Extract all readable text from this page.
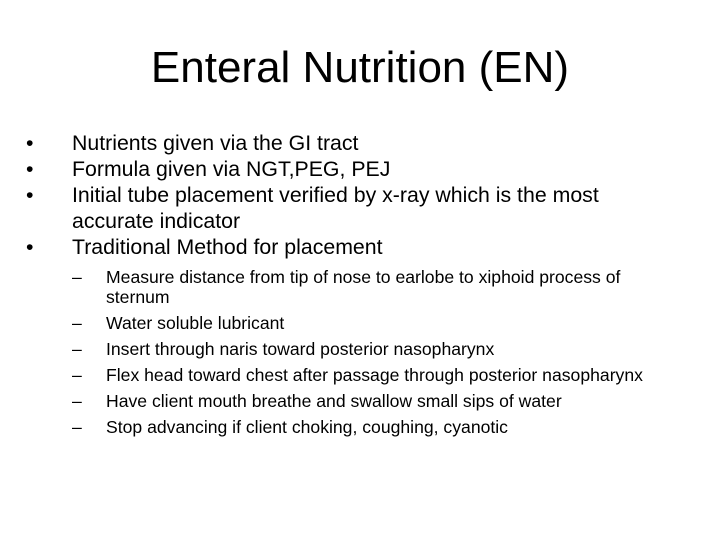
Enteral Nutrition (EN)
•	Nutrients given via the GI tract
•	Formula given via NGT,PEG, PEJ
•	Initial tube placement verified by x-ray which is the most accurate indicator
•	Traditional Method for placement
–	Measure distance from tip of nose to earlobe to xiphoid process of sternum
–	Water soluble lubricant
–	Insert through naris toward posterior nasopharynx
–	Flex head toward chest after passage through posterior nasopharynx
–	Have client mouth breathe and swallow small sips of water
–	Stop advancing if client choking, coughing, cyanotic
